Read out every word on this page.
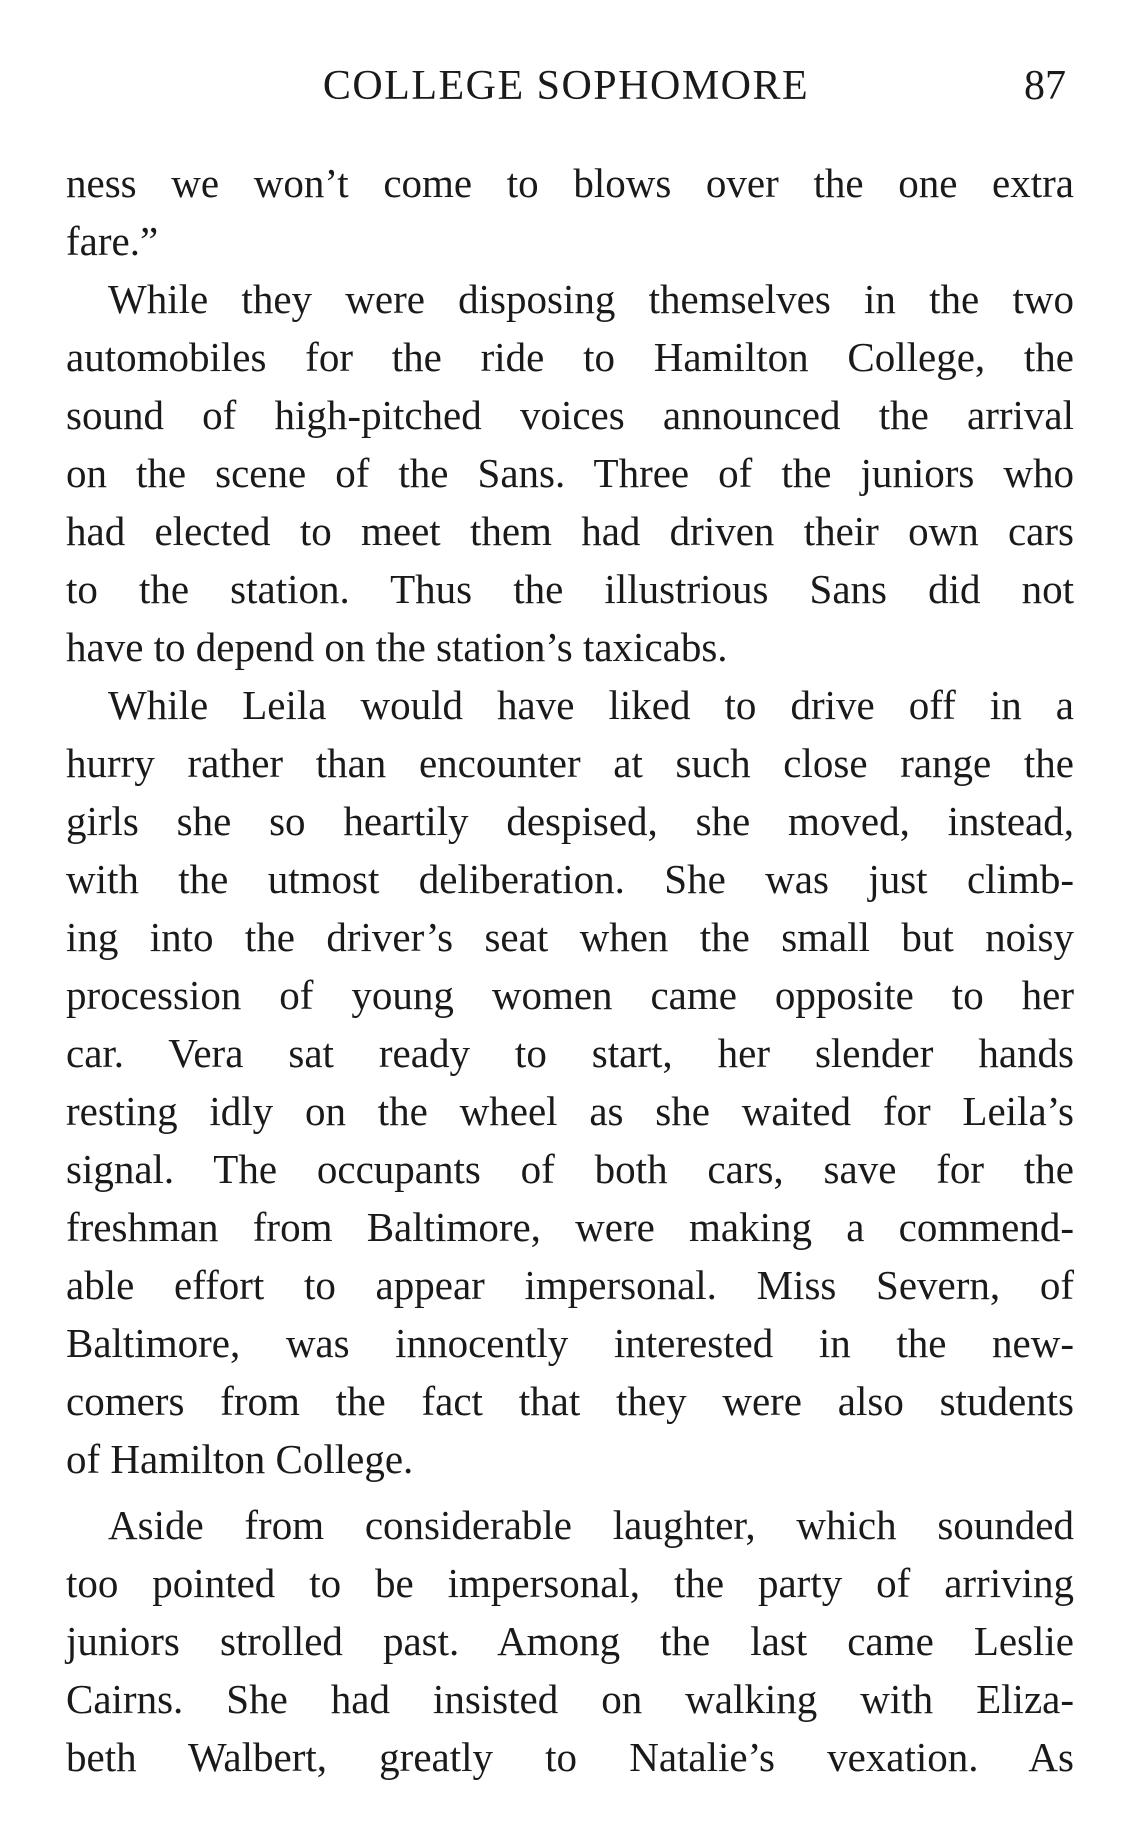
COLLEGE SOPHOMORE	87

ness we won’t come to blows over the one extra
fare.”

While they were disposing themselves in the two
automobiles for the ride to Hamilton College, the
sound of high-pitched voices announced the arrival
on the scene of the Sans. Three of the juniors who
had elected to meet them had driven their own cars
to the station. Thus the illustrious Sans did not
have to depend on the station’s taxicabs.

While Leila would have liked to drive off in a
hurry rather than encounter at such close range the
girls she so heartily despised, she moved, instead,
with the utmost deliberation. She was just climb-
ing into the driver’s seat when the small but noisy
procession of young women came opposite to her
car. Vera sat ready to start, her slender hands
resting idly on the wheel as she waited for Leila’s
signal. The occupants of both cars, save for the
freshman from Baltimore, were making a commend-
able effort to appear impersonal. Miss Severn, of
Baltimore, was innocently interested in the new-
comers from the fact that they were also students
of Hamilton College.

Aside from considerable laughter, which sounded
too pointed to be impersonal, the party of arriving
juniors strolled past. Among the last came Leslie
Cairns. She had insisted on walking with Eliza-
beth Walbert, greatly to Natalie’s vexation. As
